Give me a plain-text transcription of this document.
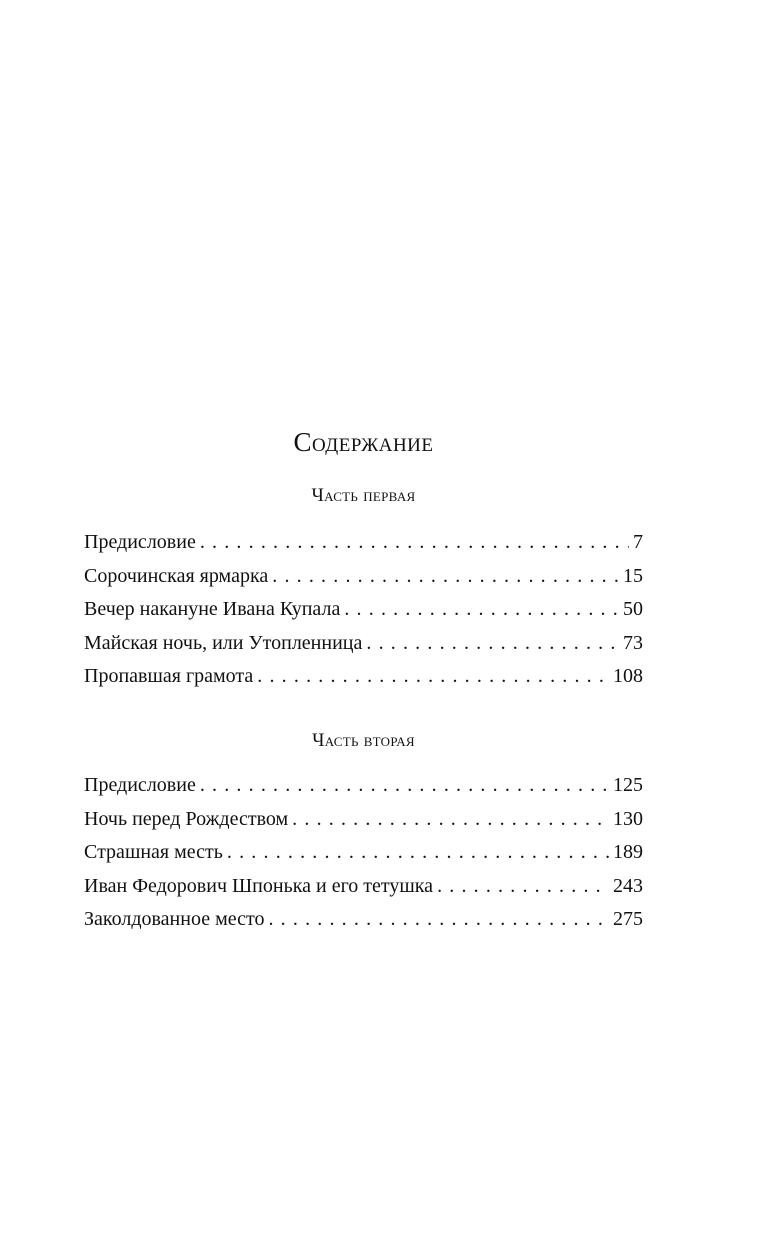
Содержание
Часть первая
Предисловие . . .	7
Сорочинская ярмарка . . .	15
Вечер накануне Ивана Купала . . .	50
Майская ночь, или Утопленница . . .	73
Пропавшая грамота . . .	108
Часть вторая
Предисловие . . .	125
Ночь перед Рождеством . . .	130
Страшная месть . . .	189
Иван Федорович Шпонька и его тетушка . . .	243
Заколдованное место . . .	275
